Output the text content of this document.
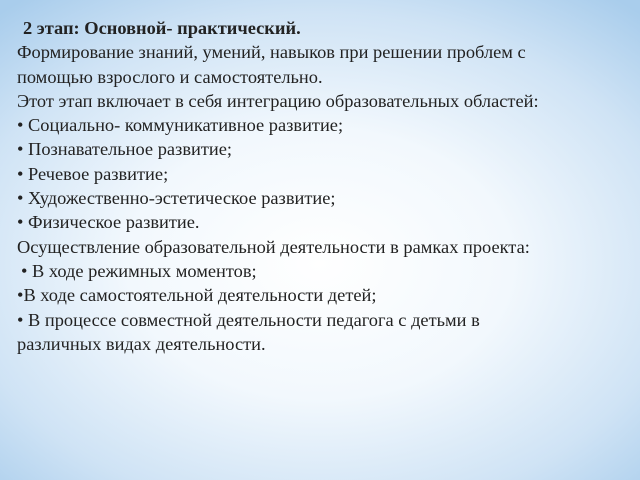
2 этап: Основной- практический.
Формирование знаний, умений, навыков при решении проблем с
помощью взрослого и самостоятельно.
Этот этап включает в себя интеграцию образовательных областей:
• Социально- коммуникативное развитие;
• Познавательное развитие;
• Речевое развитие;
• Художественно-эстетическое развитие;
• Физическое развитие.
Осуществление образовательной деятельности в рамках проекта:
• В ходе режимных моментов;
•В ходе самостоятельной деятельности детей;
• В процессе совместной деятельности педагога с детьми в
различных видах деятельности.
